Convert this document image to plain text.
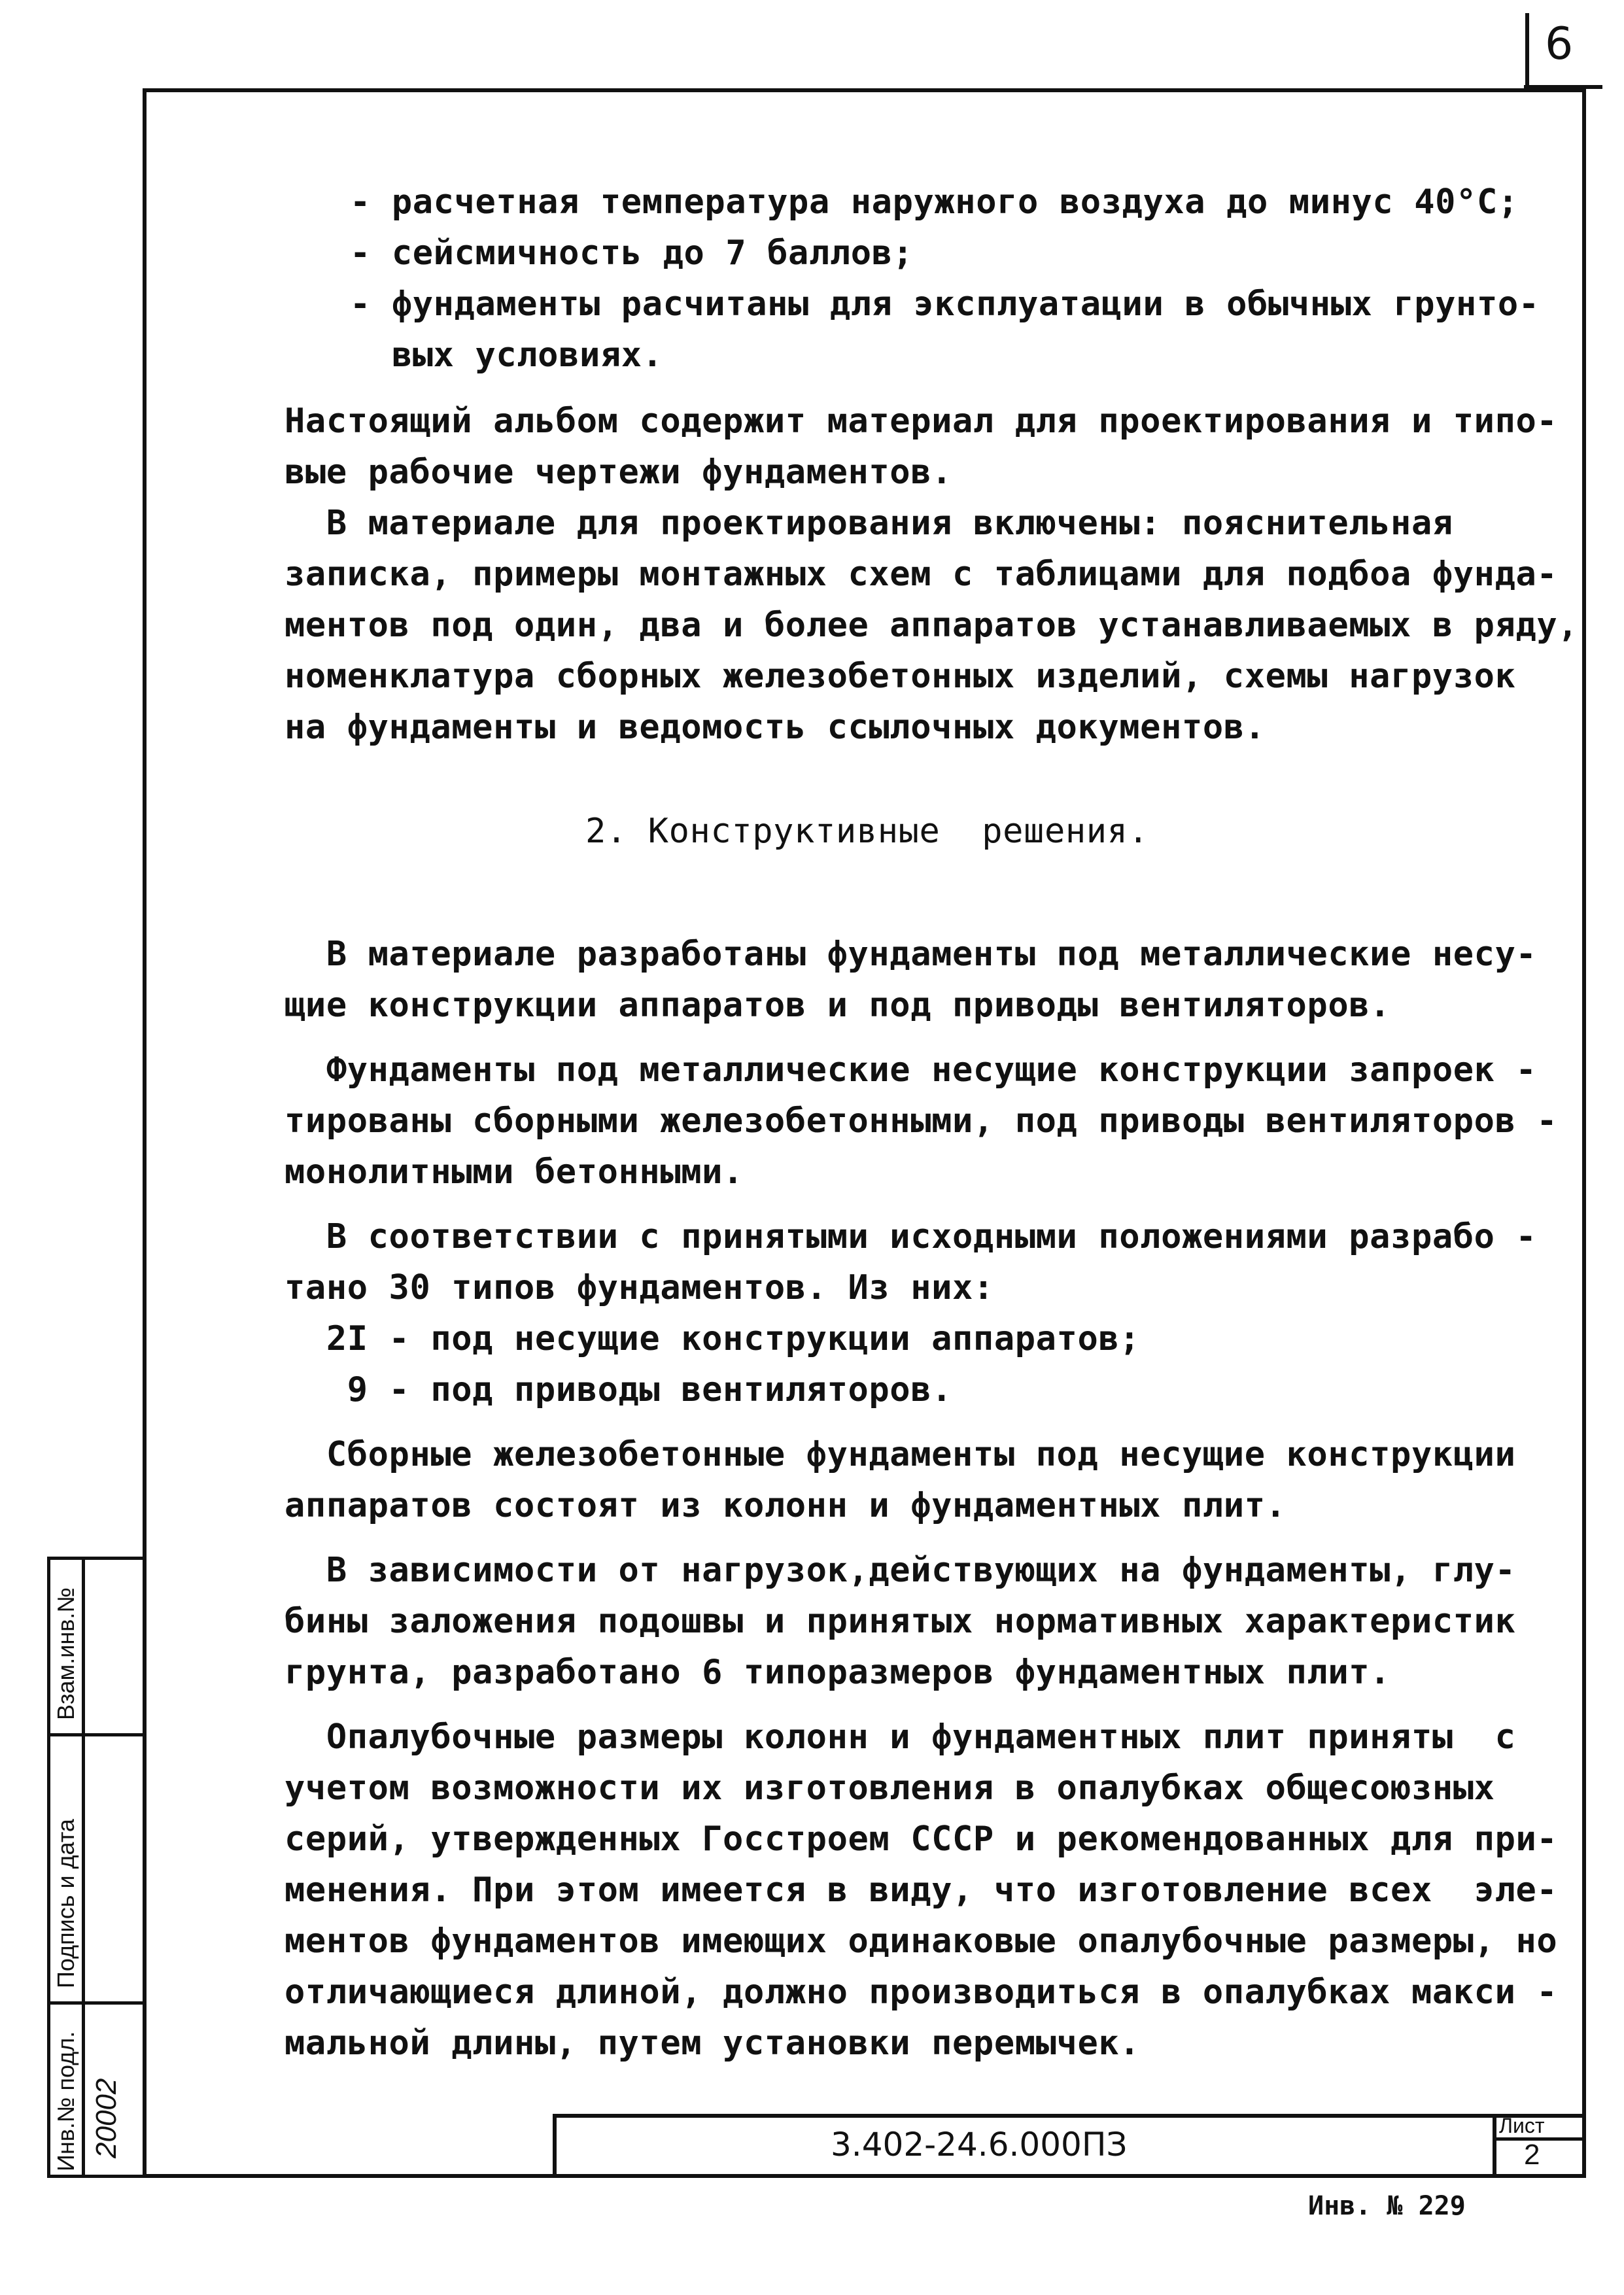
6
- расчетная температура наружного воздуха до минус 40°С;
- сейсмичность до 7 баллов;
- фундаменты расчитаны для эксплуатации в обычных грунто-
вых условиях.
Настоящий альбом содержит материал для проектирования и типо-
вые рабочие чертежи фундаментов.
В материале для проектирования включены: пояснительная
записка, примеры монтажных схем с таблицами для подбоа фунда-
ментов под один, два и более аппаратов устанавливаемых в ряду,
номенклатура сборных железобетонных изделий, схемы нагрузок
на фундаменты и ведомость ссылочных документов.
2. Конструктивные  решения.
В материале разработаны фундаменты под металлические несу-
щие конструкции аппаратов и под приводы вентиляторов.
Фундаменты под металлические несущие конструкции запроек -
тированы сборными железобетонными, под приводы вентиляторов -
монолитными бетонными.
В соответствии с принятыми исходными положениями разрабо -
тано 30 типов фундаментов. Из них:
2I - под несущие конструкции аппаратов;
9 - под приводы вентиляторов.
Сборные железобетонные фундаменты под несущие конструкции
аппаратов состоят из колонн и фундаментных плит.
В зависимости от нагрузок,действующих на фундаменты, глу-
бины заложения подошвы и принятых нормативных характеристик
грунта, разработано 6 типоразмеров фундаментных плит.
Опалубочные размеры колонн и фундаментных плит приняты  с
учетом возможности их изготовления в опалубках общесоюзных
серий, утвержденных Госстроем СССР и рекомендованных для при-
менения. При этом имеется в виду, что изготовление всех  эле-
ментов фундаментов имеющих одинаковые опалубочные размеры, но
отличающиеся длиной, должно производиться в опалубках макси -
мальной длины, путем установки перемычек.
Взам.инв.№
Подпись и дата
Инв.№ подл. 20002	3.402-24.6.000ПЗ	Лист
2
Инв. № 229
